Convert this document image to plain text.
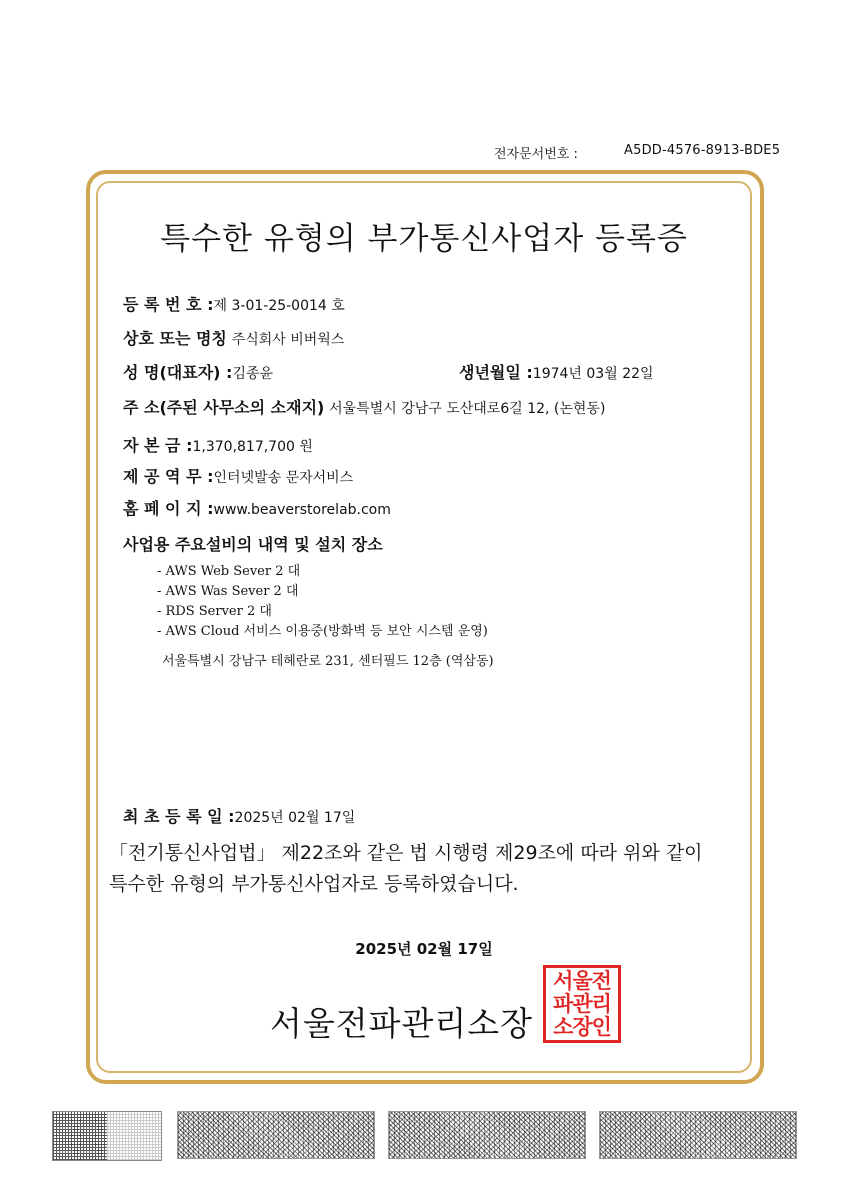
전자문서번호 :	A5DD-4576-8913-BDE5
특수한 유형의 부가통신사업자 등록증
등 록 번 호 :제 3-01-25-0014 호
상호 또는 명칭 주식회사 비버웍스
성 명(대표자) :김종윤	생년월일 :1974년 03월 22일
주 소(주된 사무소의 소재지) 서울특별시 강남구 도산대로6길 12, (논현동)
자 본 금 :1,370,817,700 원
제 공 역 무 :인터넷발송 문자서비스
홈 페 이 지 :www.beaverstorelab.com
사업용 주요설비의 내역 및 설치 장소
- AWS Web Sever 2 대
- AWS Was Sever 2 대
- RDS Server 2 대
- AWS Cloud 서비스 이용중(방화벽 등 보안 시스템 운영)
서울특별시 강남구 테헤란로 231, 센터필드 12층 (역삼동)
최 초 등 록 일 :2025년 02월 17일
「전기통신사업법」 제22조와 같은 법 시행령 제29조에 따라 위와 같이
특수한 유형의 부가통신사업자로 등록하였습니다.
2025년 02월 17일
서울전파관리소장
서울전
파관리
소장인
